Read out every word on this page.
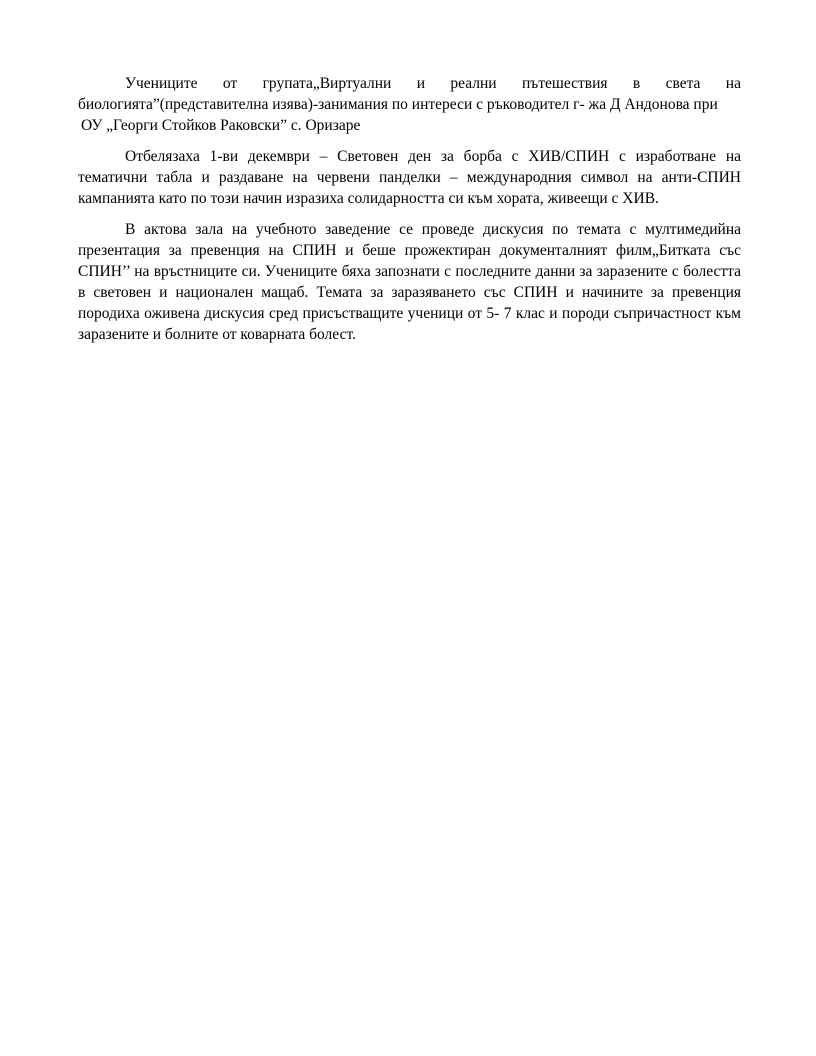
Учениците от групата„Виртуални и реални пътешествия в света на биологията”(представителна изява)-занимания по интереси с ръководител г- жа Д Андонова при

ОУ „Георги Стойков Раковски” с. Оризаре

Отбелязаха 1-ви декември – Световен ден за борба с ХИВ/СПИН с изработване на тематични табла и раздаване на червени панделки – международния символ на анти-СПИН кампанията като по този начин изразиха солидарността си към хората, живеещи с ХИВ.

В актова зала на учебното заведение се проведе дискусия по темата с мултимедийна презентация за превенция на СПИН и беше прожектиран документалният филм„Битката със СПИН’’ на връстниците си. Учениците бяха запознати с последните данни за заразените с болестта в световен и национален мащаб. Темата за заразяването със СПИН и начините за превенция породиха оживена дискусия сред присъстващите ученици от 5- 7 клас и породи съпричастност към заразените и болните от коварната болест.
